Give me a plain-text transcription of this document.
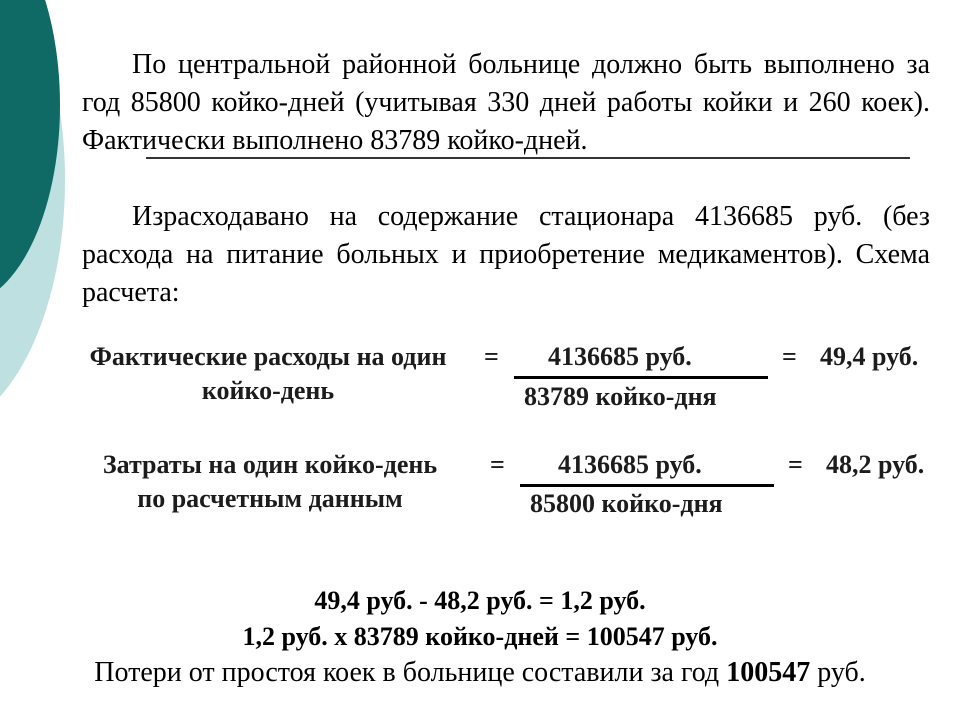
По центральной районной больнице должно быть выполнено за год 85800 койко-дней (учитывая 330 дней работы койки и 260 коек). Фактически выполнено 83789 койко-дней.
Израсходавано на содержание стационара 4136685 руб. (без расхода на питание больных и приобретение медикаментов). Схема расчета:
Фактические расходы на один койко-день
= 4136685 руб.
83789 койко-дня
= 49,4 руб.
Затраты на один койко-день по расчетным данным
= 4136685 руб.
85800 койко-дня
= 48,2 руб.
49,4 руб. - 48,2 руб. = 1,2 руб.
1,2 руб. х 83789 койко-дней = 100547 руб.
Потери от простоя коек в больнице составили за год 100547 руб.
